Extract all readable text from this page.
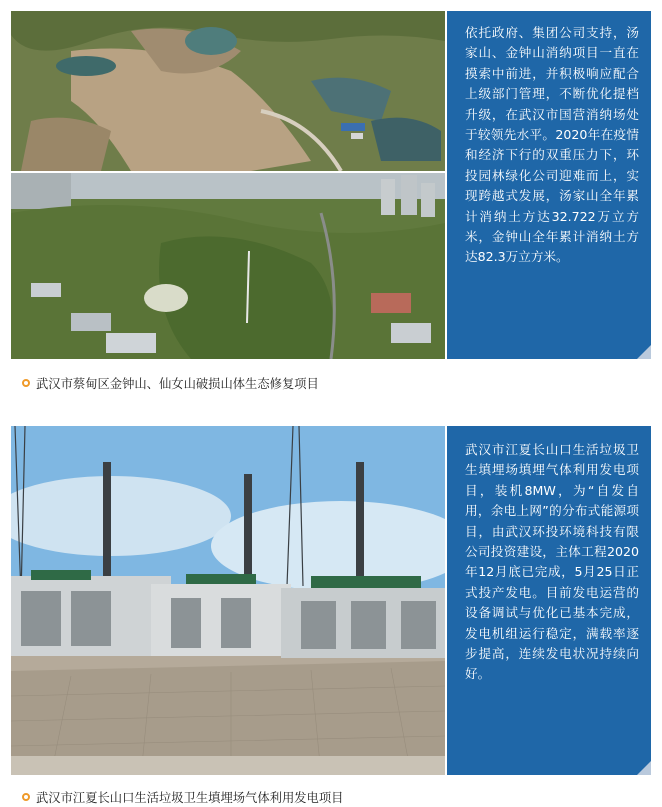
依托政府、集团公司支持，汤家山、金钟山消纳项目一直在摸索中前进，并积极响应配合上级部门管理，不断优化提档升级，在武汉市国营消纳场处于较领先水平。2020年在疫情和经济下行的双重压力下，环投园林绿化公司迎难而上，实现跨越式发展，汤家山全年累计消纳土方达32.722万立方米，金钟山全年累计消纳土方达82.3万立方米。
武汉市蔡甸区金钟山、仙女山破损山体生态修复项目
武汉市江夏长山口生活垃圾卫生填埋场填埋气体利用发电项目，装机8MW，为“自发自用，余电上网”的分布式能源项目，由武汉环投环境科技有限公司投资建设，主体工程2020年12月底已完成，5月25日正式投产发电。目前发电运营的设备调试与优化已基本完成，发电机组运行稳定，满载率逐步提高，连续发电状况持续向好。
武汉市江夏长山口生活垃圾卫生填埋场气体利用发电项目
